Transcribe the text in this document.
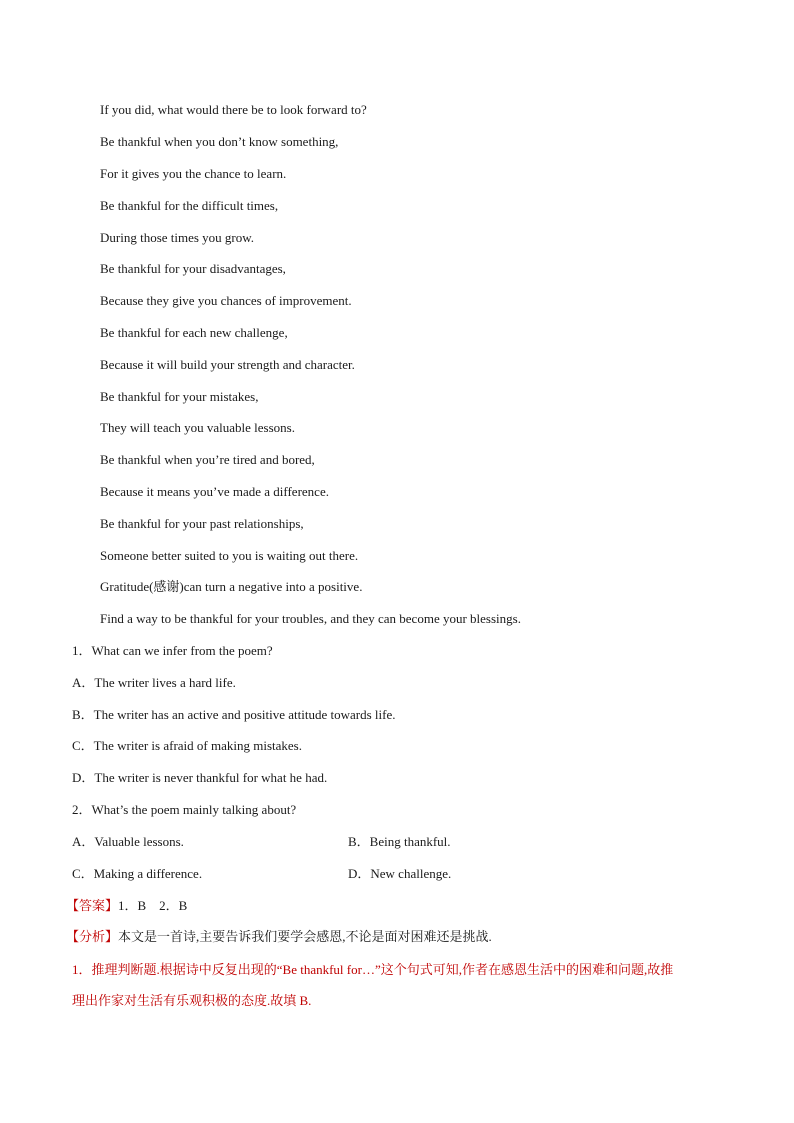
If you did, what would there be to look forward to?
Be thankful when you don’t know something,
For it gives you the chance to learn.
Be thankful for the difficult times,
During those times you grow.
Be thankful for your disadvantages,
Because they give you chances of improvement.
Be thankful for each new challenge,
Because it will build your strength and character.
Be thankful for your mistakes,
They will teach you valuable lessons.
Be thankful when you’re tired and bored,
Because it means you’ve made a difference.
Be thankful for your past relationships,
Someone better suited to you is waiting out there.
Gratitude(感谢)can turn a negative into a positive.
Find a way to be thankful for your troubles, and they can become your blessings.
1．What can we infer from the poem?
A．The writer lives a hard life.
B．The writer has an active and positive attitude towards life.
C．The writer is afraid of making mistakes.
D．The writer is never thankful for what he had.
2．What’s the poem mainly talking about?
A．Valuable lessons.	B．Being thankful.
C．Making a difference.	D．New challenge.
【答案】1．B    2．B
【分析】本文是一首诗,主要告诉我们要学会感恩,不论是面对困难还是挑战.
1．推理判断题.根据诗中反复出现的“Be thankful for…”这个句式可知,作者在感恩生活中的困难和问题,故推
理出作家对生活有乐观积极的态度.故填 B.
